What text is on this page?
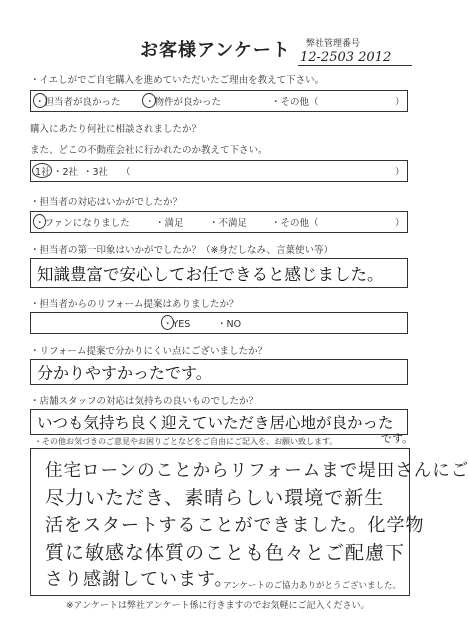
お客様アンケート 弊社管理番号
12-2503 2012
・イエしがでご自宅購入を進めていただいたご理由を教えて下さい。
・担当者が良かった	・物件が良かった	・その他（	）
購入にあたり何社に相談されましたか？
また、どこの不動産会社に行かれたのか教えて下さい。
1社 ・2社 ・3社 （	）
・担当者の対応はいかがでしたか？
・ファンになりました	・満足	・不満足	・その他（	）
・担当者の第一印象はいかがでしたか？（※身だしなみ、言葉使い等）
知識豊富で安心してお任できると感じました。
・担当者からのリフォーム提案はありましたか？
・YES	・NO
・リフォーム提案で分かりにくい点にございましたか？
分かりやすかったです。
・店舗スタッフの対応は気持ちの良いものでしたか？
いつも気持ち良く迎えていただき居心地が良かった
です。
・その他お気づきのご意見やお困りごとなどをご自由にご記入を、お願い致します。
住宅ローンのことからリフォームまで堤田さんにご
尽力いただき、素晴らしい環境で新生
活をスタートすることができました。化学物
質に敏感な体質のことも色々とご配慮下
さり感謝しています。
アンケートのご協力ありがとうございました。
※アンケートは弊社アンケート係に行きますのでお気軽にご記入ください。
